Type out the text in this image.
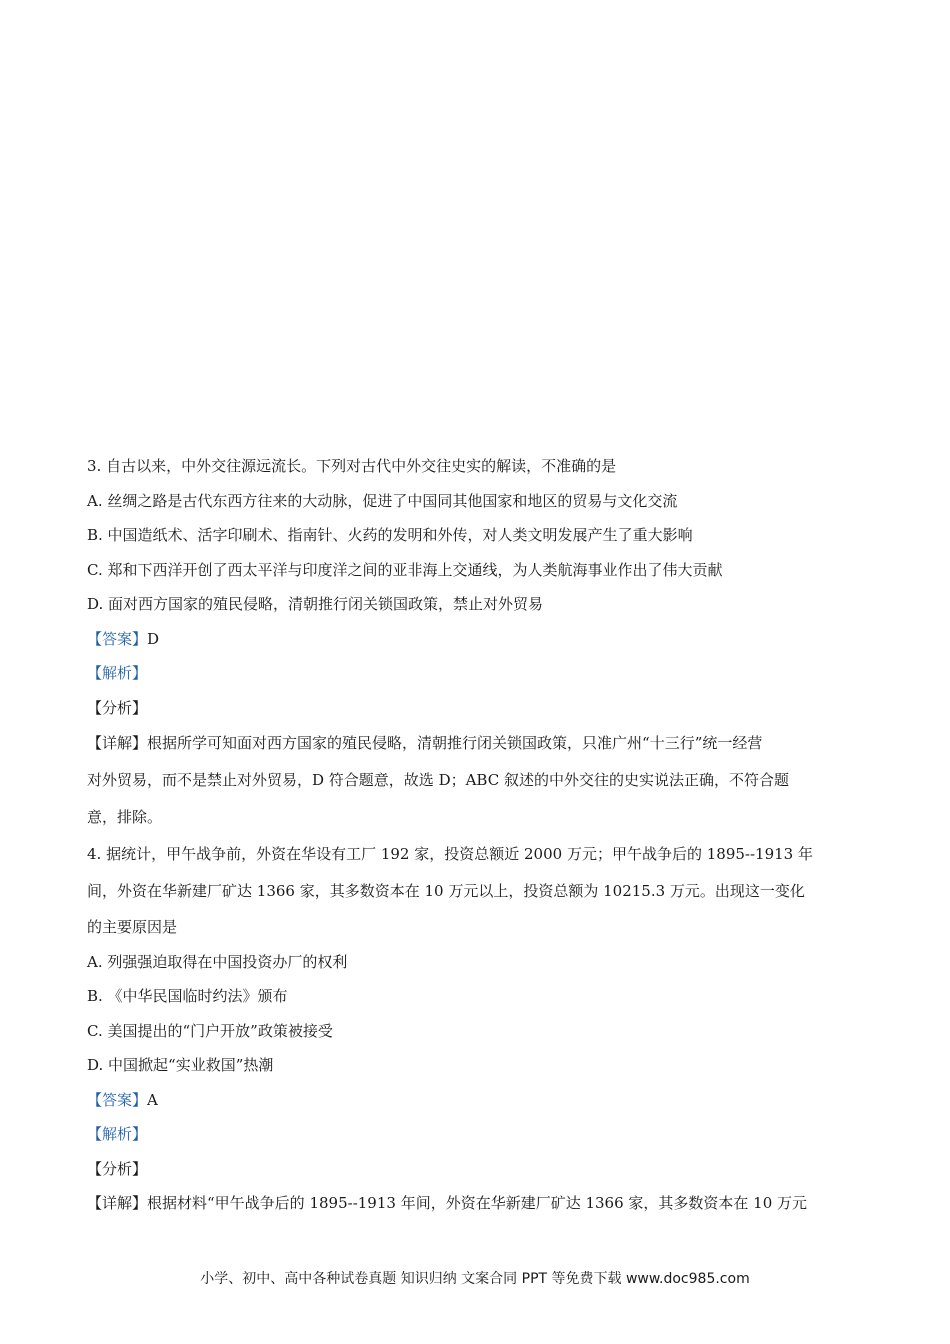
3. 自古以来，中外交往源远流长。下列对古代中外交往史实的解读，不准确的是
A. 丝绸之路是古代东西方往来的大动脉，促进了中国同其他国家和地区的贸易与文化交流
B. 中国造纸术、活字印刷术、指南针、火药的发明和外传，对人类文明发展产生了重大影响
C. 郑和下西洋开创了西太平洋与印度洋之间的亚非海上交通线，为人类航海事业作出了伟大贡献
D. 面对西方国家的殖民侵略，清朝推行闭关锁国政策，禁止对外贸易
【答案】D
【解析】
【分析】
【详解】根据所学可知面对西方国家的殖民侵略，清朝推行闭关锁国政策，只准广州“十三行”统一经营
对外贸易，而不是禁止对外贸易，D 符合题意，故选 D；ABC 叙述的中外交往的史实说法正确，不符合题
意，排除。
4. 据统计，甲午战争前，外资在华设有工厂 192 家，投资总额近 2000 万元；甲午战争后的 1895--1913 年
间，外资在华新建厂矿达 1366 家，其多数资本在 10 万元以上，投资总额为 10215.3 万元。出现这一变化
的主要原因是
A. 列强强迫取得在中国投资办厂的权利
B. 《中华民国临时约法》颁布
C. 美国提出的“门户开放”政策被接受
D. 中国掀起“实业救国”热潮
【答案】A
【解析】
【分析】
【详解】根据材料“甲午战争后的 1895--1913 年间，外资在华新建厂矿达 1366 家，其多数资本在 10 万元
小学、初中、高中各种试卷真题 知识归纳 文案合同 PPT 等免费下载 www.doc985.com
